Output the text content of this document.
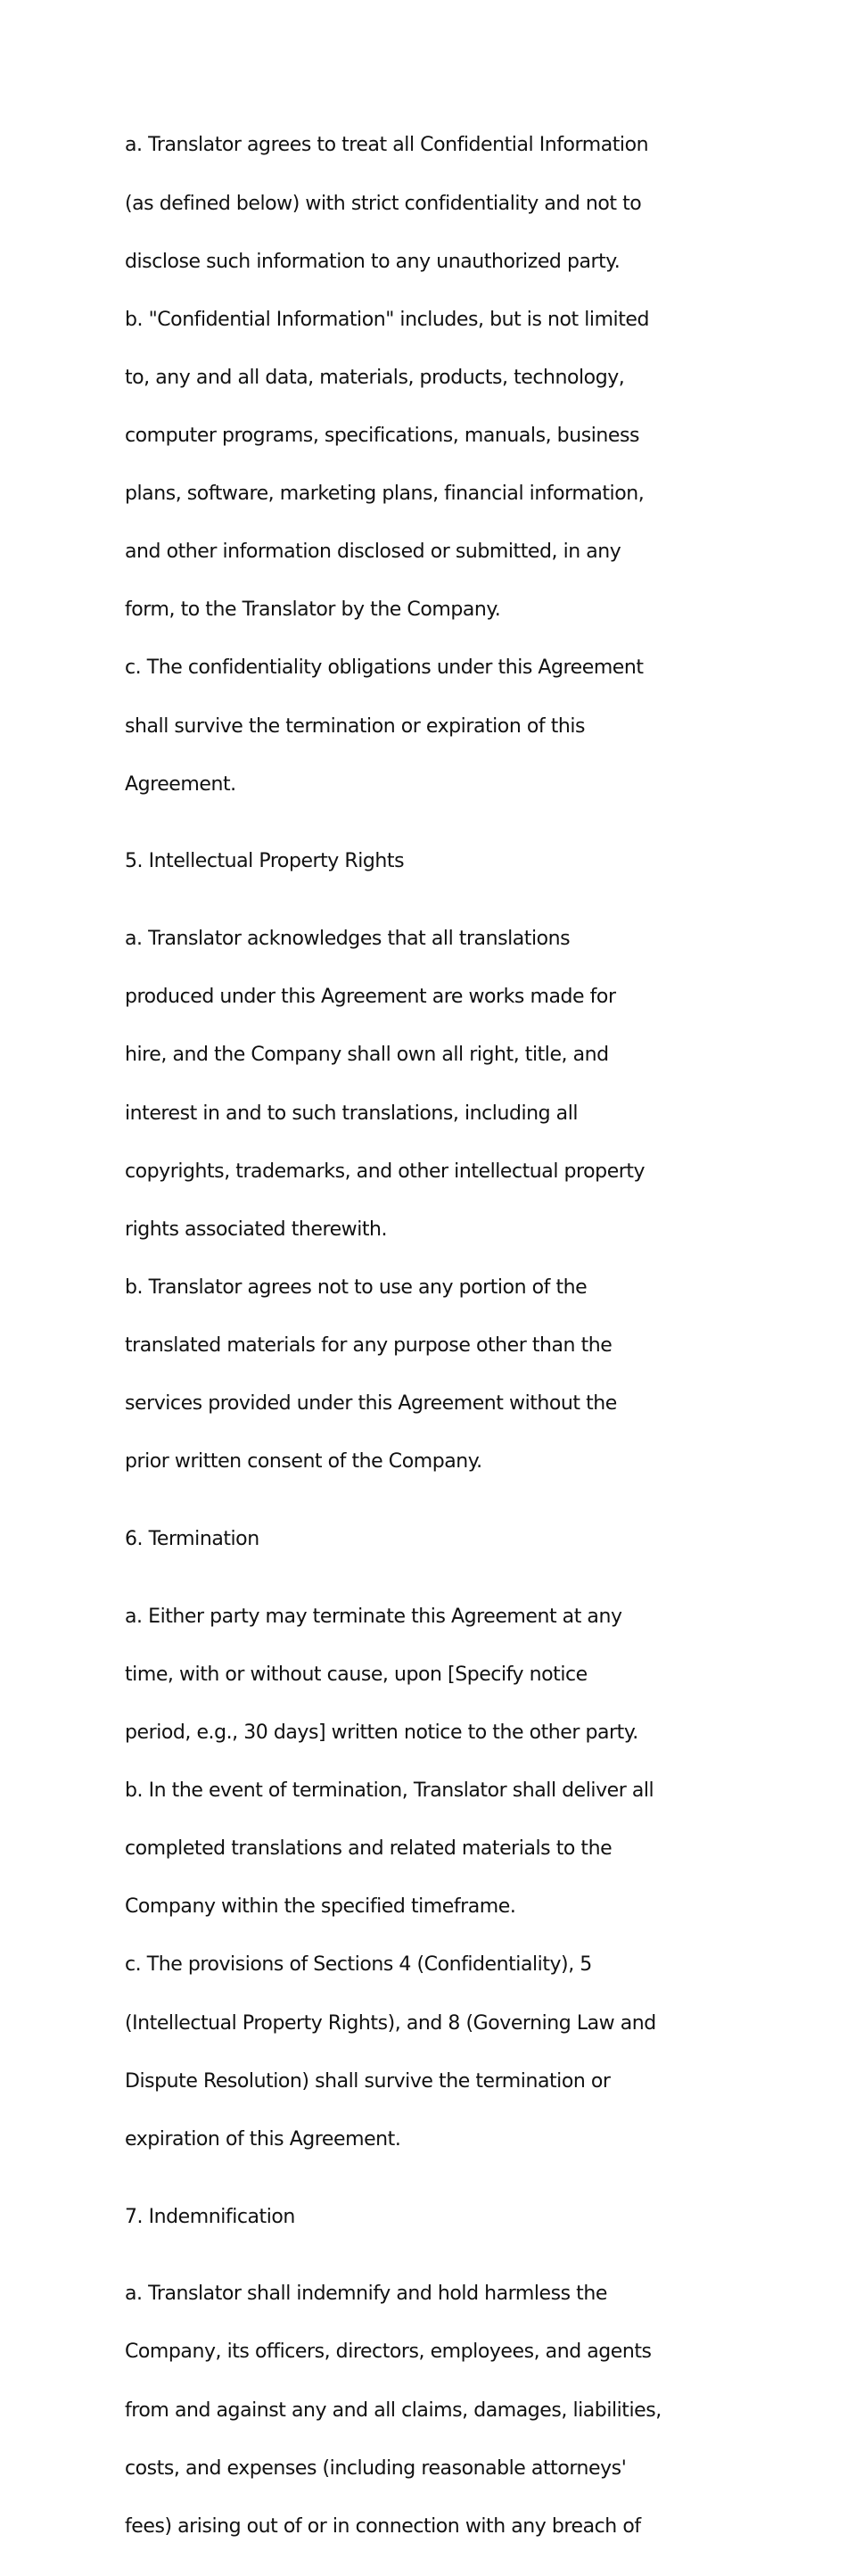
a. Translator agrees to treat all Confidential Information

(as defined below) with strict confidentiality and not to

disclose such information to any unauthorized party.

b. "Confidential Information" includes, but is not limited

to, any and all data, materials, products, technology,

computer programs, specifications, manuals, business

plans, software, marketing plans, financial information,

and other information disclosed or submitted, in any

form, to the Translator by the Company.

c. The confidentiality obligations under this Agreement

shall survive the termination or expiration of this

Agreement.

5. Intellectual Property Rights

a. Translator acknowledges that all translations

produced under this Agreement are works made for

hire, and the Company shall own all right, title, and

interest in and to such translations, including all

copyrights, trademarks, and other intellectual property

rights associated therewith.

b. Translator agrees not to use any portion of the

translated materials for any purpose other than the

services provided under this Agreement without the

prior written consent of the Company.

6. Termination

a. Either party may terminate this Agreement at any

time, with or without cause, upon [Specify notice

period, e.g., 30 days] written notice to the other party.

b. In the event of termination, Translator shall deliver all

completed translations and related materials to the

Company within the specified timeframe.

c. The provisions of Sections 4 (Confidentiality), 5

(Intellectual Property Rights), and 8 (Governing Law and

Dispute Resolution) shall survive the termination or

expiration of this Agreement.

7. Indemnification

a. Translator shall indemnify and hold harmless the

Company, its officers, directors, employees, and agents

from and against any and all claims, damages, liabilities,

costs, and expenses (including reasonable attorneys'

fees) arising out of or in connection with any breach of
